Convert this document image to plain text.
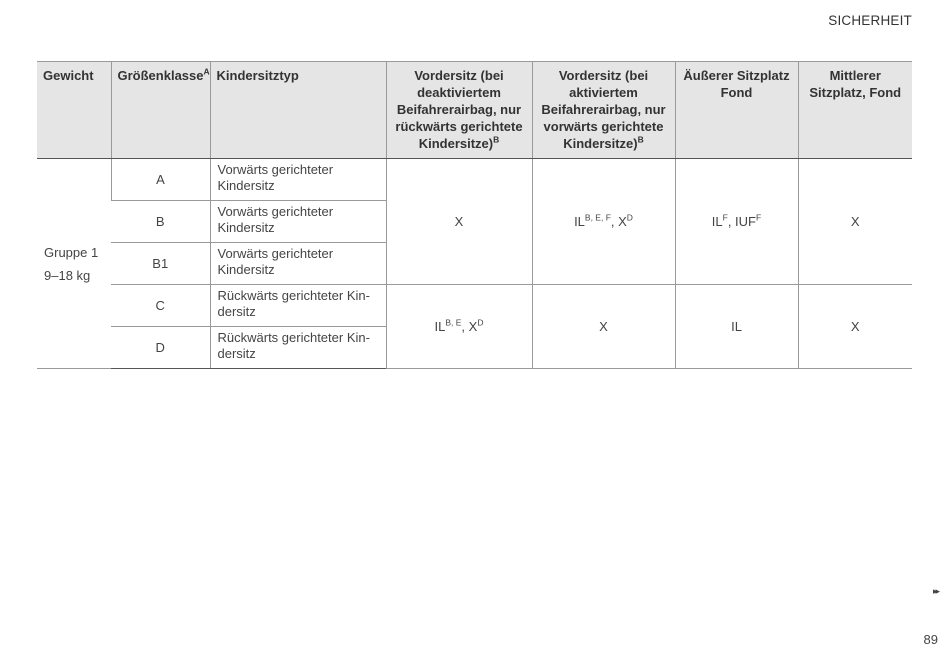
SICHERHEIT
Gewicht	Größenklasse$^A$	Kindersitztyp	Vordersitz (bei deaktiviertem Beifahrerairbag, nur rückwärts gerichtete Kindersitze)$^B$	Vordersitz (bei aktiviertem Beifahrerairbag, nur vorwärts gerichtete Kindersitze)$^B$	Äußerer Sitzplatz Fond	Mittlerer Sitzplatz, Fond

Gruppe 1
9–18 kg	A	Vorwärts gerichteter Kindersitz	X	$IL^{B, E, F}$, $X^D$	$IL^F$, $IUF^F$	X
	B	Vorwärts gerichteter Kindersitz				
	B1	Vorwärts gerichteter Kindersitz				
	C	Rückwärts gerichteter Kindersitz	$IL^{B, E}$, $X^D$	X	IL	X
	D	Rückwärts gerichteter Kindersitz				
▸▸
89
